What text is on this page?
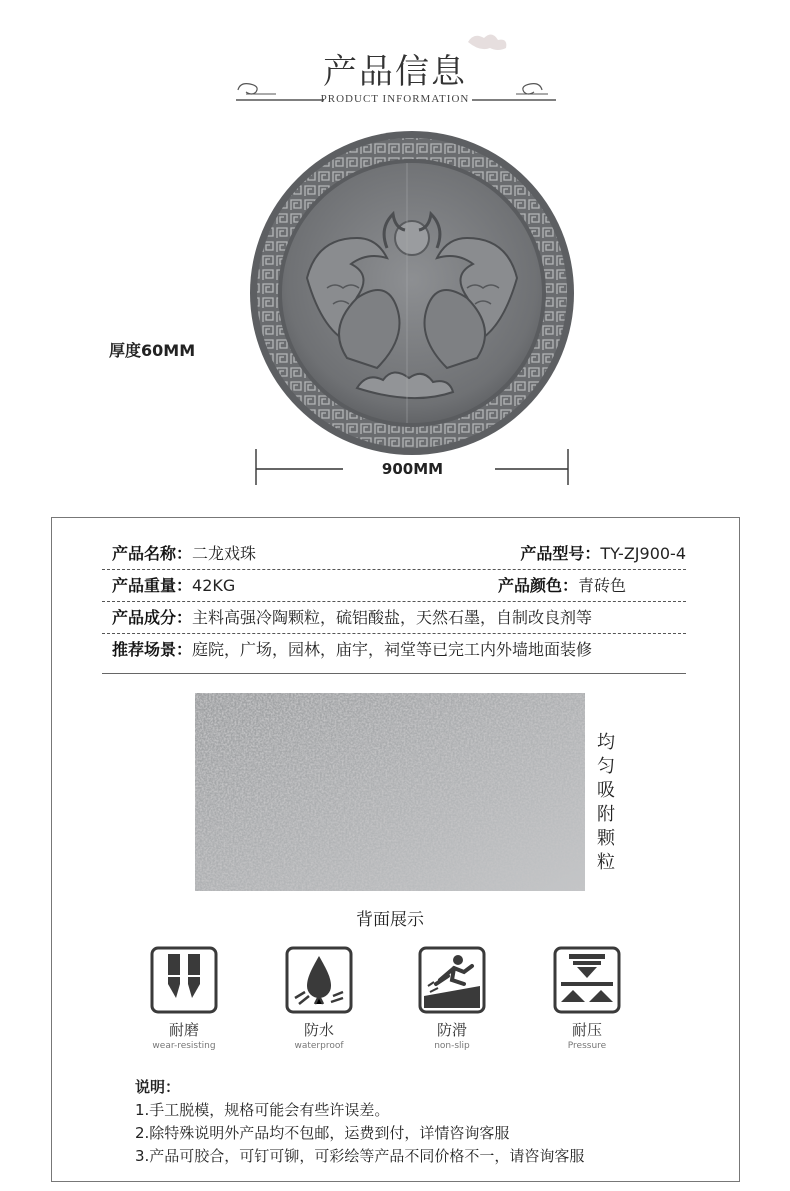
产品信息
PRODUCT INFORMATION
厚度60MM
900MM
产品名称：二龙戏珠	产品型号：TY-ZJ900-4
产品重量：42KG	产品颜色：青砖色
产品成分：主料高强冷陶颗粒，硫铝酸盐，天然石墨，自制改良剂等
推荐场景：庭院，广场，园林，庙宇，祠堂等已完工内外墙地面装修
均匀吸附颗粒
背面展示
耐磨
wear-resisting
防水
waterproof
防滑
non-slip
耐压
Pressure
说明：
1.手工脱模，规格可能会有些许误差。
2.除特殊说明外产品均不包邮，运费到付，详情咨询客服
3.产品可胶合，可钉可铆，可彩绘等产品不同价格不一，请咨询客服
